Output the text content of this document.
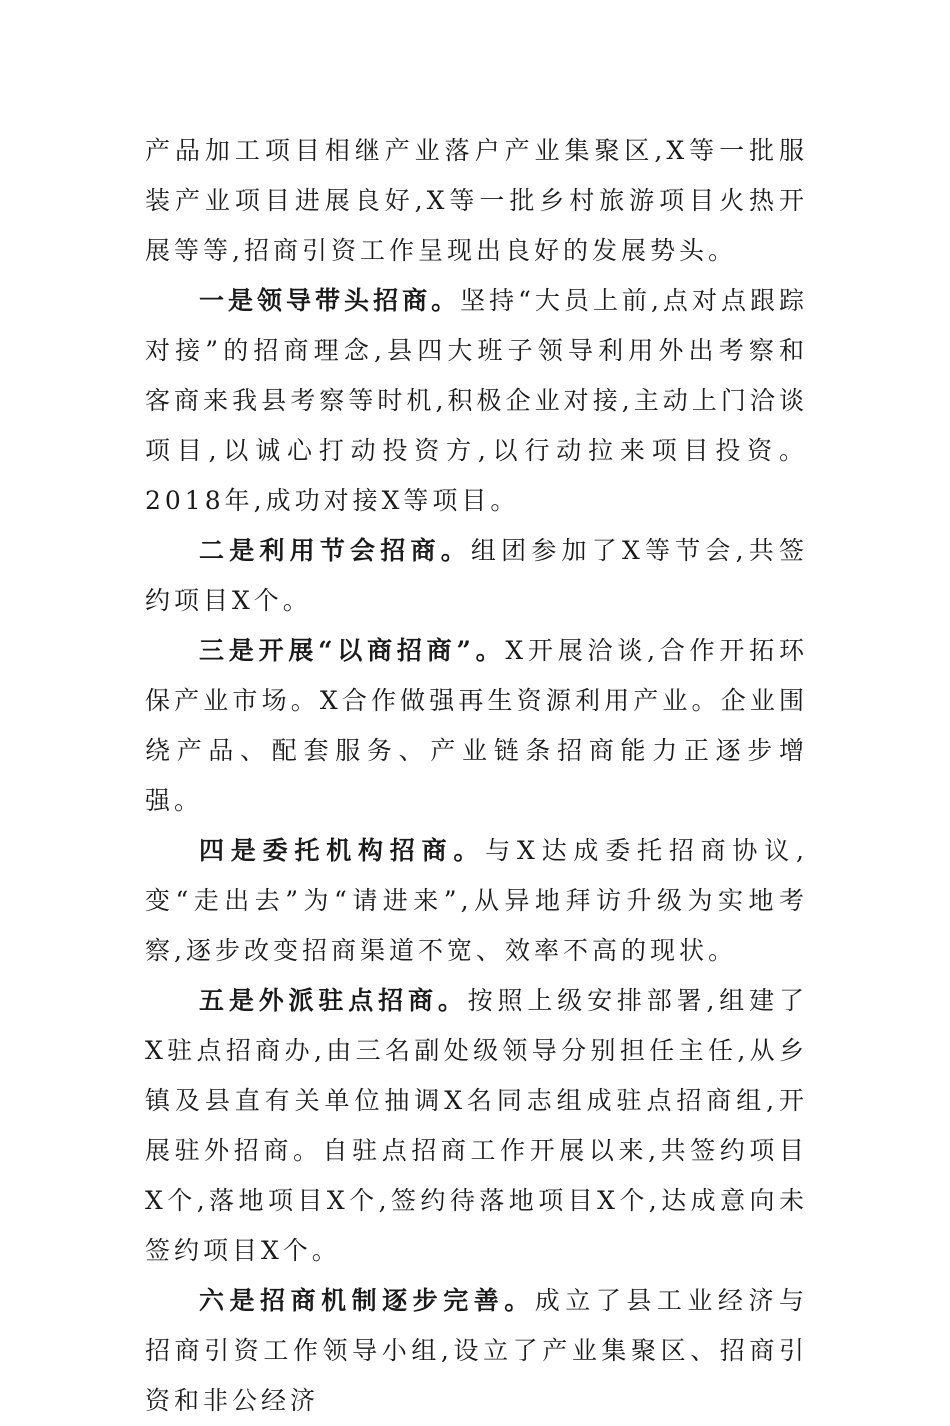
产品加工项目相继产业落户产业集聚区,X等一批服装产业项目进展良好,X等一批乡村旅游项目火热开展等等,招商引资工作呈现出良好的发展势头。

一是领导带头招商。坚持“大员上前,点对点跟踪对接”的招商理念,县四大班子领导利用外出考察和客商来我县考察等时机,积极企业对接,主动上门洽谈项目,以诚心打动投资方,以行动拉来项目投资。2018年,成功对接X等项目。

二是利用节会招商。组团参加了X等节会,共签约项目X个。

三是开展“以商招商”。X开展洽谈,合作开拓环保产业市场。X合作做强再生资源利用产业。企业围绕产品、配套服务、产业链条招商能力正逐步增强。

四是委托机构招商。与X达成委托招商协议,变“走出去”为“请进来”,从异地拜访升级为实地考察,逐步改变招商渠道不宽、效率不高的现状。

五是外派驻点招商。按照上级安排部署,组建了X驻点招商办,由三名副处级领导分别担任主任,从乡镇及县直有关单位抽调X名同志组成驻点招商组,开展驻外招商。自驻点招商工作开展以来,共签约项目X个,落地项目X个,签约待落地项目X个,达成意向未签约项目X个。

六是招商机制逐步完善。成立了县工业经济与招商引资工作领导小组,设立了产业集聚区、招商引资和非公经济
